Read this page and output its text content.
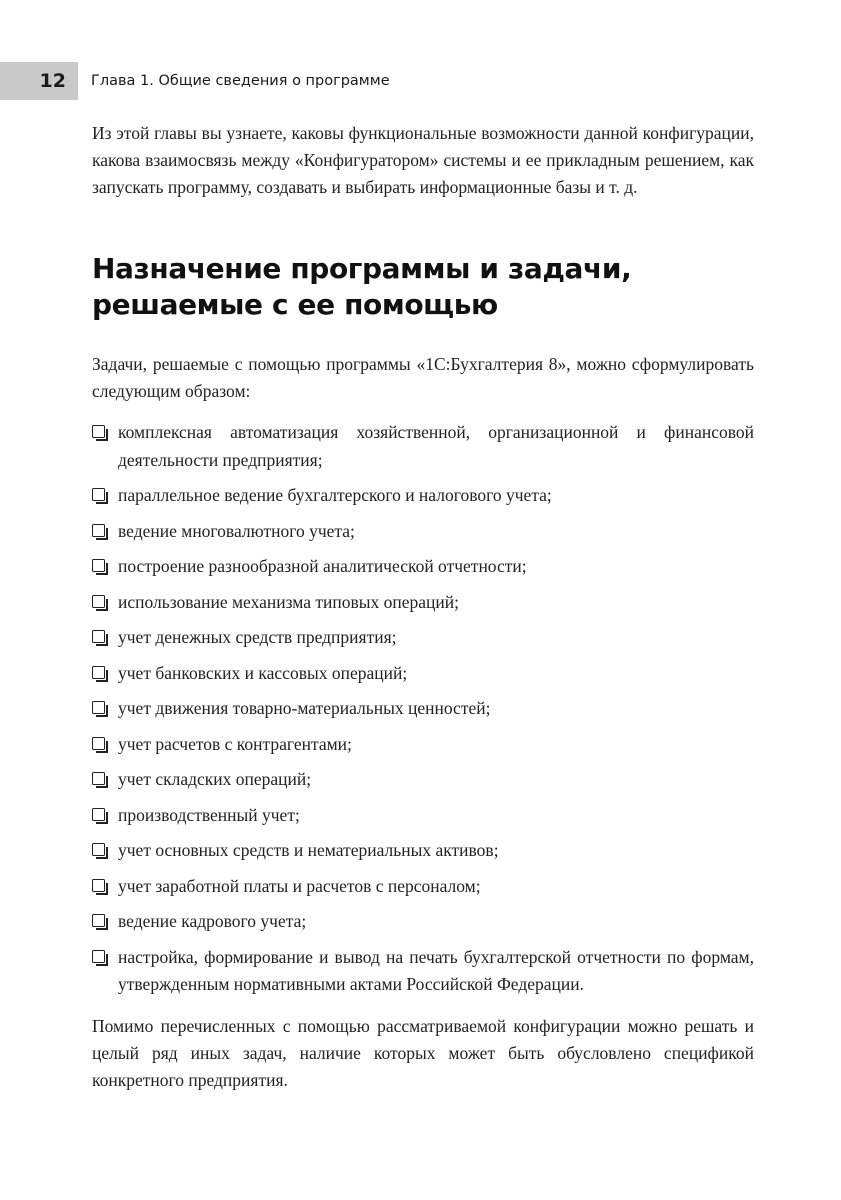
12 Глава 1. Общие сведения о программе

Из этой главы вы узнаете, каковы функциональные возможности данной конфигурации, какова взаимосвязь между «Конфигуратором» системы и ее прикладным решением, как запускать программу, создавать и выбирать информационные базы и т. д.

Назначение программы и задачи,
решаемые с ее помощью

Задачи, решаемые с помощью программы «1С:Бухгалтерия 8», можно сформулировать следующим образом:

комплексная автоматизация хозяйственной, организационной и финансовой деятельности предприятия;
параллельное ведение бухгалтерского и налогового учета;
ведение многовалютного учета;
построение разнообразной аналитической отчетности;
использование механизма типовых операций;
учет денежных средств предприятия;
учет банковских и кассовых операций;
учет движения товарно-материальных ценностей;
учет расчетов с контрагентами;
учет складских операций;
производственный учет;
учет основных средств и нематериальных активов;
учет заработной платы и расчетов с персоналом;
ведение кадрового учета;
настройка, формирование и вывод на печать бухгалтерской отчетности по формам, утвержденным нормативными актами Российской Федерации.

Помимо перечисленных с помощью рассматриваемой конфигурации можно решать и целый ряд иных задач, наличие которых может быть обусловлено спецификой конкретного предприятия.
